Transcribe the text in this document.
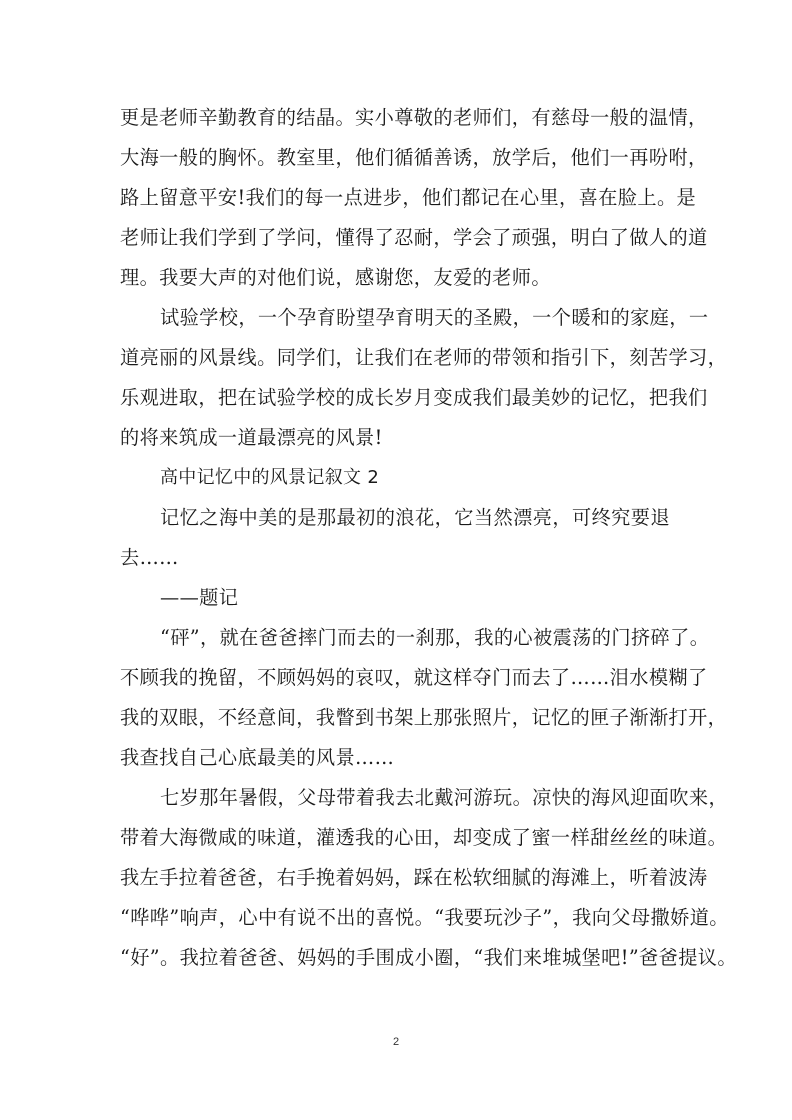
更是老师辛勤教育的结晶。实小尊敬的老师们，有慈母一般的温情，
大海一般的胸怀。教室里，他们循循善诱，放学后，他们一再吩咐，
路上留意平安!我们的每一点进步，他们都记在心里，喜在脸上。是
老师让我们学到了学问，懂得了忍耐，学会了顽强，明白了做人的道
理。我要大声的对他们说，感谢您，友爱的老师。
试验学校，一个孕育盼望孕育明天的圣殿，一个暖和的家庭，一
道亮丽的风景线。同学们，让我们在老师的带领和指引下，刻苦学习，
乐观进取，把在试验学校的成长岁月变成我们最美妙的记忆，把我们
的将来筑成一道最漂亮的风景!
高中记忆中的风景记叙文 2
记忆之海中美的是那最初的浪花，它当然漂亮，可终究要退
去……
——题记
“砰”，就在爸爸摔门而去的一刹那，我的心被震荡的门挤碎了。
不顾我的挽留，不顾妈妈的哀叹，就这样夺门而去了……泪水模糊了
我的双眼，不经意间，我瞥到书架上那张照片，记忆的匣子渐渐打开，
我查找自己心底最美的风景……
七岁那年暑假，父母带着我去北戴河游玩。凉快的海风迎面吹来，
带着大海微咸的味道，灌透我的心田，却变成了蜜一样甜丝丝的味道。
我左手拉着爸爸，右手挽着妈妈，踩在松软细腻的海滩上，听着波涛
“哗哗”响声，心中有说不出的喜悦。“我要玩沙子”，我向父母撒娇道。
“好”。我拉着爸爸、妈妈的手围成小圈，“我们来堆城堡吧!”爸爸提议。
2
